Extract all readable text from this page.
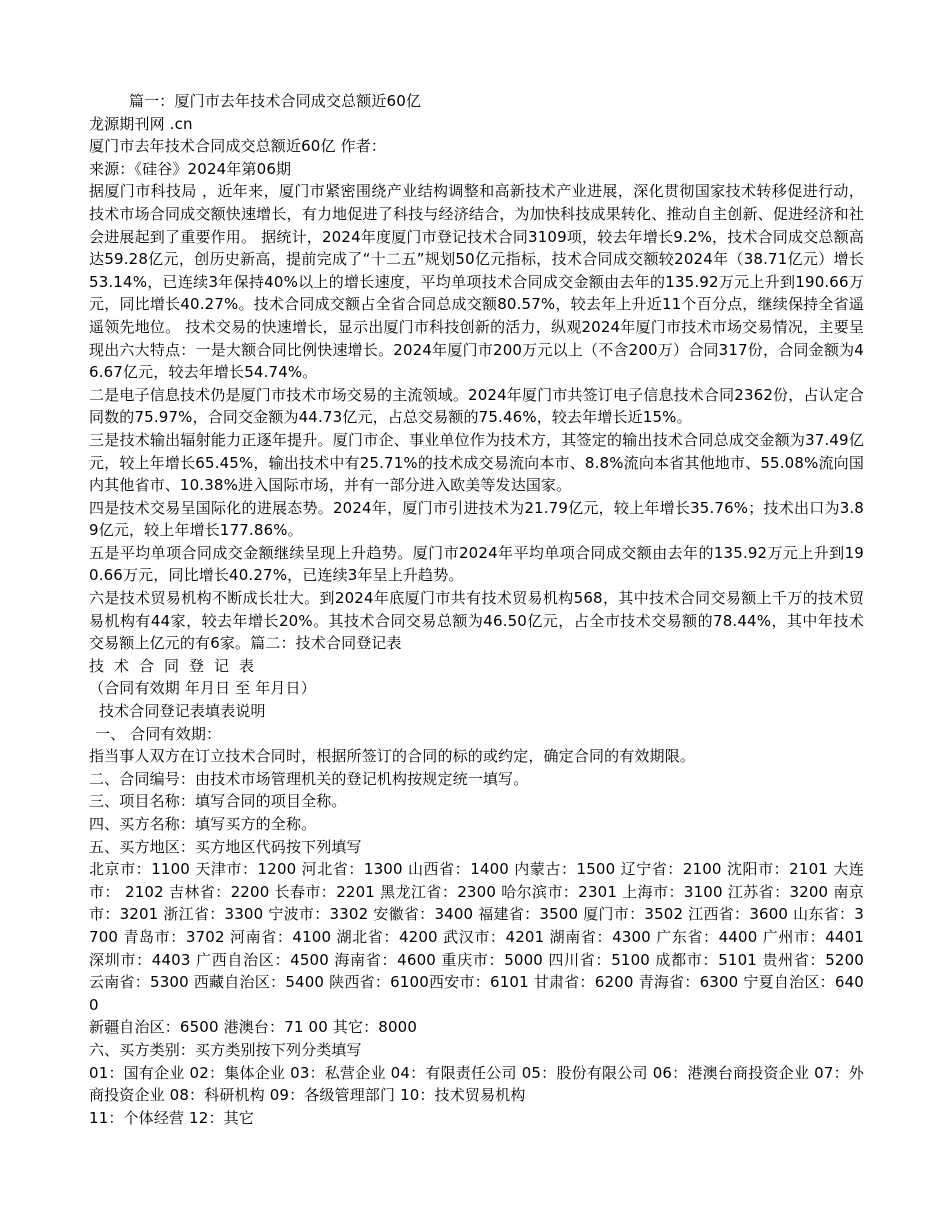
篇一：厦门市去年技术合同成交总额近60亿
龙源期刊网 .cn
厦门市去年技术合同成交总额近60亿 作者：
来源：《硅谷》2024年第06期
据厦门市科技局 ，近年来，厦门市紧密围绕产业结构调整和高新技术产业进展，深化贯彻国家技术转移促进行动，技术市场合同成交额快速增长，有力地促进了科技与经济结合，为加快科技成果转化、推动自主创新、促进经济和社会进展起到了重要作用。 据统计，2024年度厦门市登记技术合同3109项，较去年增长9.2%，技术合同成交总额高达59.28亿元，创历史新高，提前完成了“十二五”规划50亿元指标，技术合同成交额较2024年（38.71亿元）增长53.14%，已连续3年保持40%以上的增长速度，平均单项技术合同成交金额由去年的135.92万元上升到190.66万元，同比增长40.27%。技术合同成交额占全省合同总成交额80.57%，较去年上升近11个百分点，继续保持全省遥遥领先地位。 技术交易的快速增长，显示出厦门市科技创新的活力，纵观2024年厦门市技术市场交易情况，主要呈现出六大特点：一是大额合同比例快速增长。2024年厦门市200万元以上（不含200万）合同317份，合同金额为46.67亿元，较去年增长54.74%。
二是电子信息技术仍是厦门市技术市场交易的主流领域。2024年厦门市共签订电子信息技术合同2362份，占认定合同数的75.97%，合同交金额为44.73亿元，占总交易额的75.46%，较去年增长近15%。
三是技术输出辐射能力正逐年提升。厦门市企、事业单位作为技术方，其签定的输出技术合同总成交金额为37.49亿元，较上年增长65.45%，输出技术中有25.71%的技术成交易流向本市、8.8%流向本省其他地市、55.08%流向国内其他省市、10.38%进入国际市场，并有一部分进入欧美等发达国家。
四是技术交易呈国际化的进展态势。2024年，厦门市引进技术为21.79亿元，较上年增长35.76%；技术出口为3.89亿元，较上年增长177.86%。
五是平均单项合同成交金额继续呈现上升趋势。厦门市2024年平均单项合同成交额由去年的135.92万元上升到190.66万元，同比增长40.27%，已连续3年呈上升趋势。
六是技术贸易机构不断成长壮大。到2024年底厦门市共有技术贸易机构568，其中技术合同交易额上千万的技术贸易机构有44家，较去年增长20%。其技术合同交易总额为46.50亿元，占全市技术交易额的78.44%，其中年技术交易额上亿元的有6家。篇二：技术合同登记表
技术合同登记表
（合同有效期 年月日 至 年月日）
技术合同登记表填表说明
一、 合同有效期：
指当事人双方在订立技术合同时，根据所签订的合同的标的或约定，确定合同的有效期限。
二、合同编号：由技术市场管理机关的登记机构按规定统一填写。
三、项目名称：填写合同的项目全称。
四、买方名称：填写买方的全称。
五、买方地区：买方地区代码按下列填写
北京市：1100 天津市：1200 河北省：1300 山西省：1400 内蒙古：1500 辽宁省：2100 沈阳市：2101 大连市： 2102 吉林省：2200 长春市：2201 黑龙江省：2300 哈尔滨市：2301 上海市：3100 江苏省：3200 南京市：3201 浙江省：3300 宁波市：3302 安徽省：3400 福建省：3500 厦门市：3502 江西省：3600 山东省：3700 青岛市：3702 河南省：4100 湖北省：4200 武汉市：4201 湖南省：4300 广东省：4400 广州市：4401 深圳市：4403 广西自治区：4500 海南省：4600 重庆市：5000 四川省：5100 成都市：5101 贵州省：5200 云南省：5300 西藏自治区：5400 陕西省：6100西安市：6101 甘肃省：6200 青海省：6300 宁夏自治区：6400
新疆自治区：6500 港澳台：71 00 其它：8000
六、买方类别：买方类别按下列分类填写
01：国有企业 02：集体企业 03：私营企业 04：有限责任公司 05：股份有限公司 06：港澳台商投资企业 07：外商投资企业 08：科研机构 09：各级管理部门 10：技术贸易机构
11：个体经营 12：其它
